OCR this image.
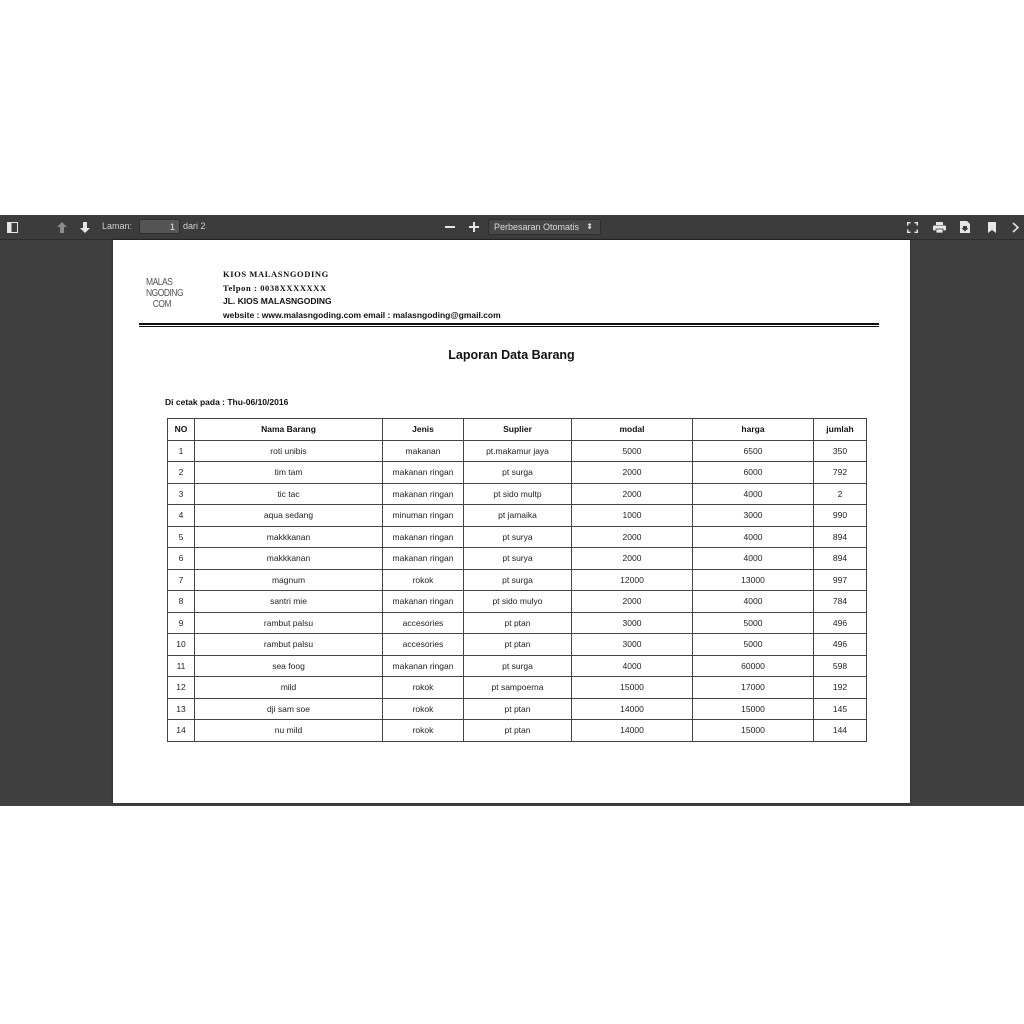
Laman:
1	dari 2	Perbesaran Otomatis ⬍
MALAS
NGODING
COM
KIOS MALASNGODING
Telpon : 0038XXXXXXX
JL. KIOS MALASNGODING
website : www.malasngoding.com email : malasngoding@gmail.com
Laporan Data Barang
Di cetak pada : Thu-06/10/2016
NO	Nama Barang	Jenis	Suplier	modal	harga	jumlah
1	roti unibis	makanan	pt.makamur jaya	5000	6500	350
2	tim tam	makanan ringan	pt surga	2000	6000	792
3	tic tac	makanan ringan	pt sido multp	2000	4000	2
4	aqua sedang	minuman ringan	pt jamaika	1000	3000	990
5	makkkanan	makanan ringan	pt surya	2000	4000	894
6	makkkanan	makanan ringan	pt surya	2000	4000	894
7	magnum	rokok	pt surga	12000	13000	997
8	santri mie	makanan ringan	pt sido mulyo	2000	4000	784
9	rambut palsu	accesories	pt ptan	3000	5000	496
10	rambut palsu	accesories	pt ptan	3000	5000	496
11	sea foog	makanan ringan	pt surga	4000	60000	598
12	mild	rokok	pt sampoerna	15000	17000	192
13	dji sam soe	rokok	pt ptan	14000	15000	145
14	nu mild	rokok	pt ptan	14000	15000	144
